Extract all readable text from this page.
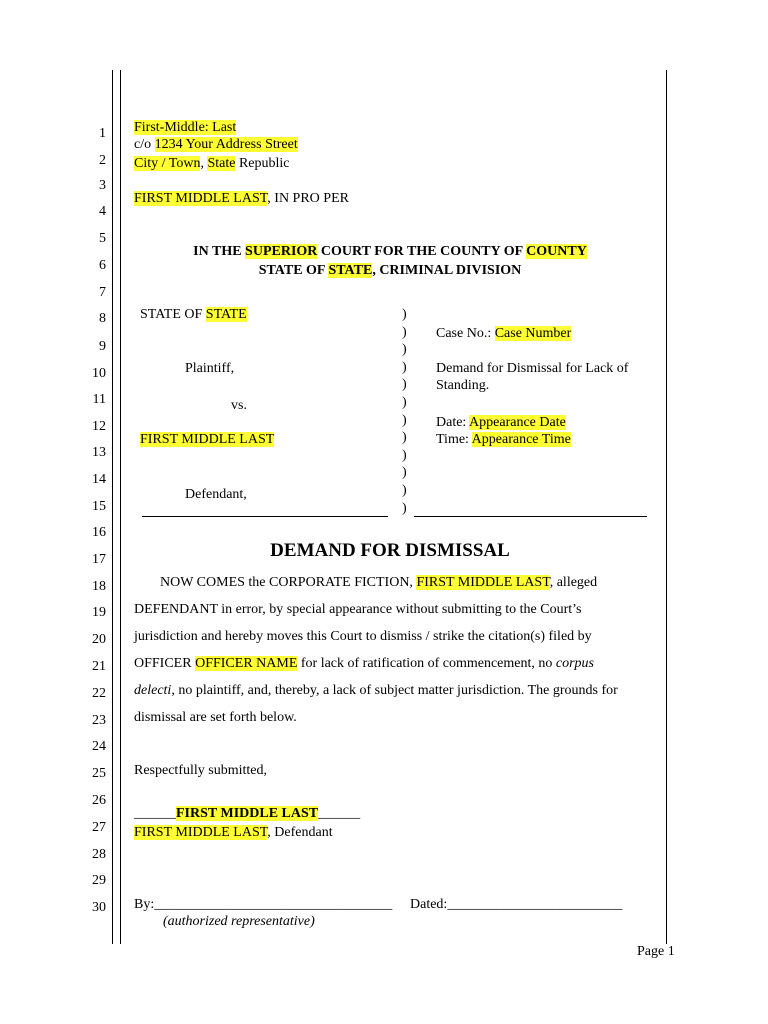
1
2
3
4
5
6
7
8
9
10
11
12
13
14
15
16
17
18
19
20
21
22
23
24
25
26
27
28
29
30
First-Middle: Last
c/o 1234 Your Address Street
City / Town, State Republic
FIRST MIDDLE LAST, IN PRO PER
IN THE SUPERIOR COURT FOR THE COUNTY OF COUNTY
STATE OF STATE, CRIMINAL DIVISION
STATE OF STATE
Plaintiff,
vs.
FIRST MIDDLE LAST
Defendant,
)
)
)
)
)
)
)
)
)
)
)
)
Case No.: Case Number
Demand for Dismissal for Lack of
Standing.
Date: Appearance Date
Time: Appearance Time
DEMAND FOR DISMISSAL
NOW COMES the CORPORATE FICTION, FIRST MIDDLE LAST, alleged
DEFENDANT in error, by special appearance without submitting to the Court’s
jurisdiction and hereby moves this Court to dismiss / strike the citation(s) filed by
OFFICER OFFICER NAME for lack of ratification of commencement, no corpus
delecti, no plaintiff, and, thereby, a lack of subject matter jurisdiction. The grounds for
dismissal are set forth below.
Respectfully submitted,
______FIRST MIDDLE LAST______
FIRST MIDDLE LAST, Defendant
By:__________________________________ Dated:_________________________
(authorized representative)
Page 1
